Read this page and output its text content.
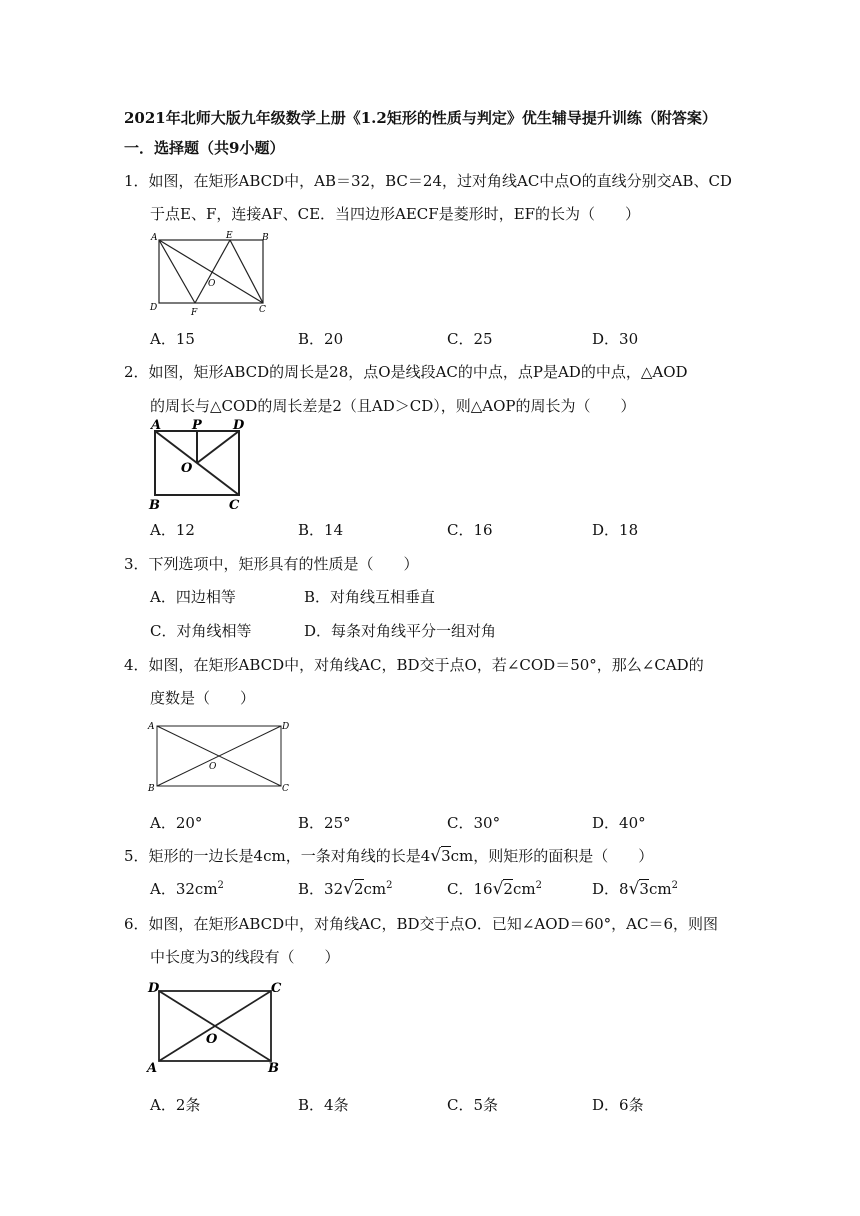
2021年北师大版九年级数学上册《1.2矩形的性质与判定》优生辅导提升训练（附答案）
一．选择题（共9小题）
1．如图，在矩形ABCD中，AB＝32，BC＝24，过对角线AC中点O的直线分别交AB、CD
于点E、F，连接AF、CE．当四边形AECF是菱形时，EF的长为（　　）
A	E	B
O
D	F	C
A．15	B．20	C．25	D．30
2．如图，矩形ABCD的周长是28，点O是线段AC的中点，点P是AD的中点，△AOD
的周长与△COD的周长差是2（且AD＞CD），则△AOP的周长为（　　）
A P D
O
B	C
A．12	B．14	C．16	D．18
3．下列选项中，矩形具有的性质是（　　）
A．四边相等	B．对角线互相垂直
C．对角线相等	D．每条对角线平分一组对角
4．如图，在矩形ABCD中，对角线AC，BD交于点O，若∠COD＝50°，那么∠CAD的
度数是（　　）
A	D
O
B	C
A．20°	B．25°	C．30°	D．40°
5．矩形的一边长是4cm，一条对角线的长是4√3cm，则矩形的面积是（　　）
A．$32cm^2$	B．$32√2cm^2$	C．$16√2cm^2$	D．$8√3cm^2$
6．如图，在矩形ABCD中，对角线AC，BD交于点O．已知∠AOD＝60°，AC＝6，则图
中长度为3的线段有（　　）
D	C
O
A	B
A．2条	B．4条	C．5条	D．6条
